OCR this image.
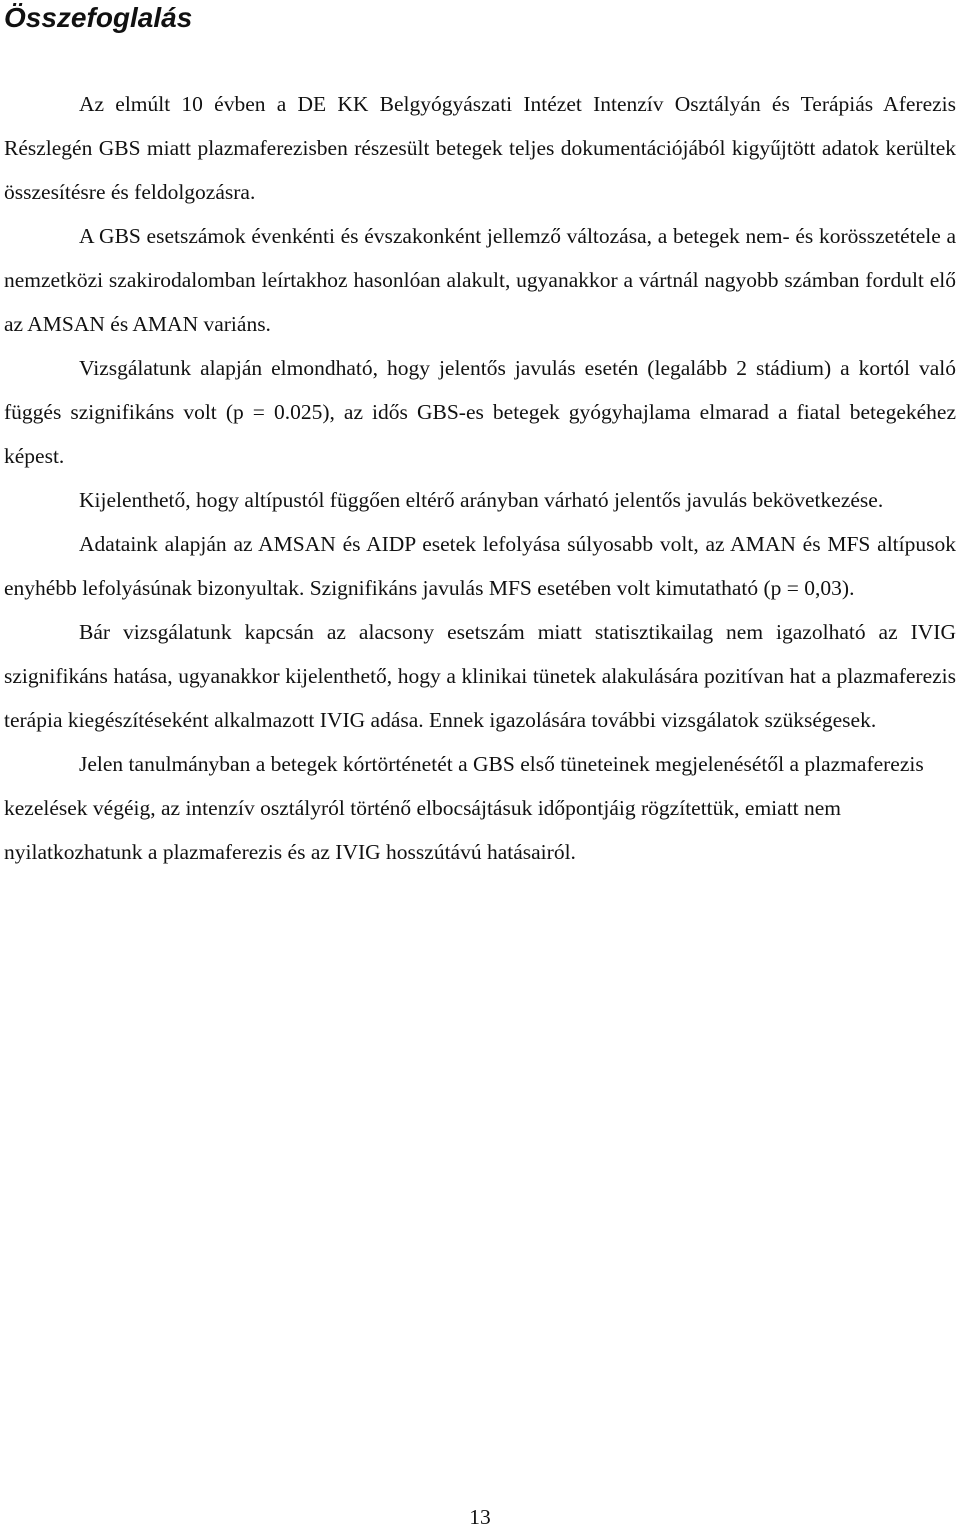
Összefoglalás

Az elmúlt 10 évben a DE KK Belgyógyászati Intézet Intenzív Osztályán és Terápiás Aferezis Részlegén GBS miatt plazmaferezisben részesült betegek teljes dokumentációjából kigyűjtött adatok kerültek összesítésre és feldolgozásra.

A GBS esetszámok évenkénti és évszakonként jellemző változása, a betegek nem- és korösszetétele a nemzetközi szakirodalomban leírtakhoz hasonlóan alakult, ugyanakkor a vártnál nagyobb számban fordult elő az AMSAN és AMAN variáns.

Vizsgálatunk alapján elmondható, hogy jelentős javulás esetén (legalább 2 stádium) a kortól való függés szignifikáns volt (p = 0.025), az idős GBS-es betegek gyógyhajlama elmarad a fiatal betegekéhez képest.

Kijelenthető, hogy altípustól függően eltérő arányban várható jelentős javulás bekövetkezése.

Adataink alapján az AMSAN és AIDP esetek lefolyása súlyosabb volt, az AMAN és MFS altípusok enyhébb lefolyásúnak bizonyultak. Szignifikáns javulás MFS esetében volt kimutatható (p = 0,03).

Bár vizsgálatunk kapcsán az alacsony esetszám miatt statisztikailag nem igazolható az IVIG szignifikáns hatása, ugyanakkor kijelenthető, hogy a klinikai tünetek alakulására pozitívan hat a plazmaferezis terápia kiegészítéseként alkalmazott IVIG adása. Ennek igazolására további vizsgálatok szükségesek.

Jelen tanulmányban a betegek kórtörténetét a GBS első tüneteinek megjelenésétől a plazmaferezis kezelések végéig, az intenzív osztályról történő elbocsájtásuk időpontjáig rögzítettük, emiatt nem nyilatkozhatunk a plazmaferezis és az IVIG hosszútávú hatásairól.

13
